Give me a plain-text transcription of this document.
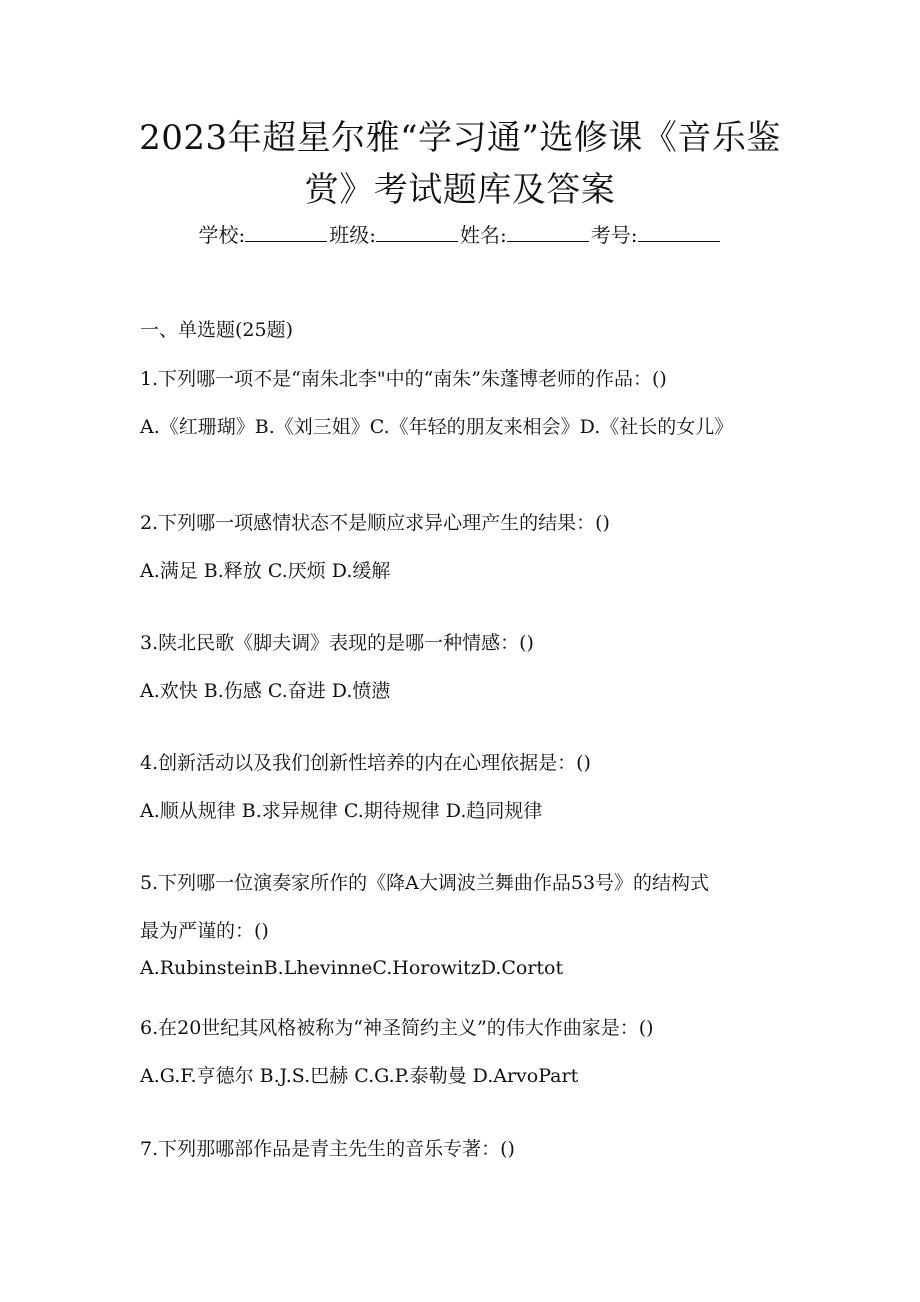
2023年超星尔雅“学习通”选修课《音乐鉴
赏》考试题库及答案
学校:	班级:	姓名:	考号:
一、单选题(25题)
1.下列哪一项不是“南朱北李"中的“南朱”朱蓬博老师的作品：()
A.《红珊瑚》B.《刘三姐》C.《年轻的朋友来相会》D.《社长的女儿》
2.下列哪一项感情状态不是顺应求异心理产生的结果：()
A.满足 B.释放 C.厌烦 D.缓解
3.陕北民歌《脚夫调》表现的是哪一种情感：()
A.欢快 B.伤感 C.奋进 D.愤懑
4.创新活动以及我们创新性培养的内在心理依据是：()
A.顺从规律 B.求异规律 C.期待规律 D.趋同规律
5.下列哪一位演奏家所作的《降A大调波兰舞曲作品53号》的结构式
最为严谨的：()
A.RubinsteinB.LhevinneC.HorowitzD.Cortot
6.在20世纪其风格被称为“神圣简约主义”的伟大作曲家是：()
A.G.F.亨德尔 B.J.S.巴赫 C.G.P.泰勒曼 D.ArvoPart
7.下列那哪部作品是青主先生的音乐专著：()
